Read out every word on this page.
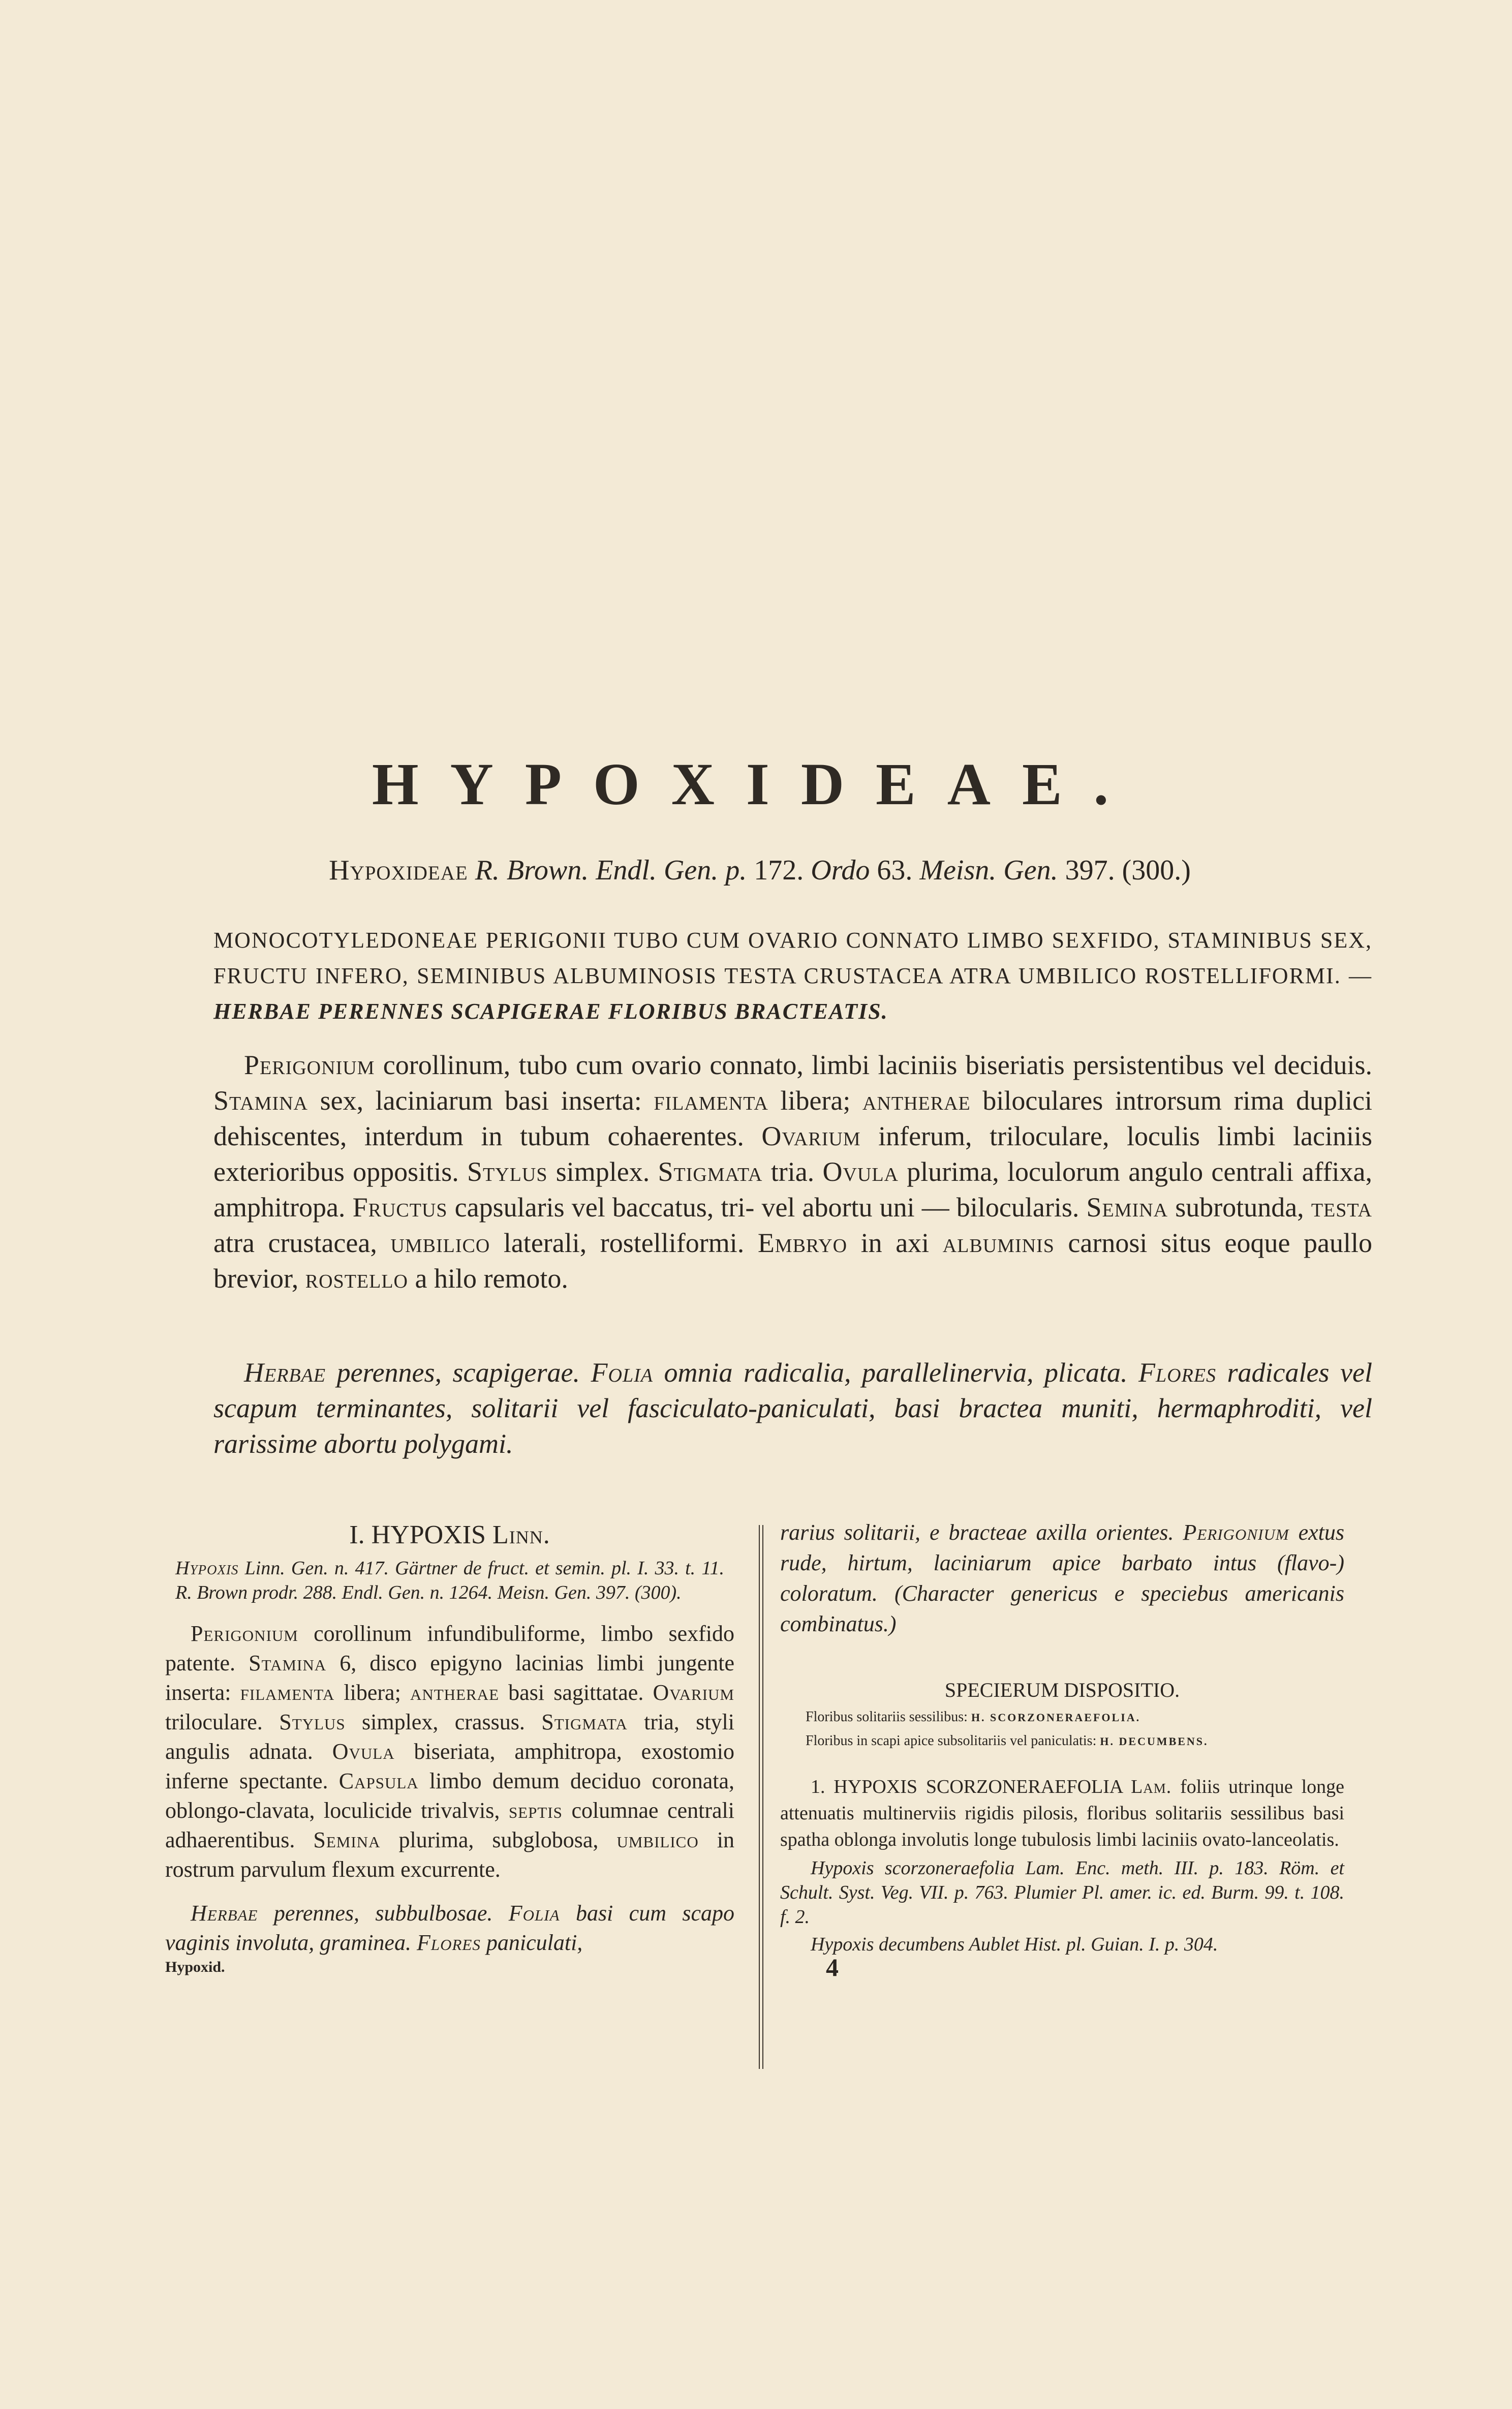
HYPOXIDEAE.
Hypoxideae R. Brown. Endl. Gen. p. 172. Ordo 63. Meisn. Gen. 397. (300.)
MONOCOTYLEDONEAE PERIGONII TUBO CUM OVARIO CONNATO LIMBO SEXFIDO, STAMINIBUS SEX, FRUCTU INFERO, SEMINIBUS ALBUMINOSIS TESTA CRUSTACEA ATRA UMBILICO ROSTELLIFORMI. — HERBAE PERENNES SCAPIGERAE FLORIBUS BRACTEATIS.
Perigonium corollinum, tubo cum ovario connato, limbi laciniis biseriatis persistentibus vel deciduis. Stamina sex, laciniarum basi inserta: filamenta libera; antherae biloculares introrsum rima duplici dehiscentes, interdum in tubum cohaerentes. Ovarium inferum, triloculare, loculis limbi laciniis exterioribus oppositis. Stylus simplex. Stigmata tria. Ovula plurima, loculorum angulo centrali affixa, amphitropa. Fructus capsularis vel baccatus, tri- vel abortu uni — bilocularis. Semina subrotunda, testa atra crustacea, umbilico laterali, rostelliformi. Embryo in axi albuminis carnosi situs eoque paullo brevior, rostello a hilo remoto.
Herbae perennes, scapigerae. Folia omnia radicalia, parallelinervia, plicata. Flores radicales vel scapum terminantes, solitarii vel fasciculato-paniculati, basi bractea muniti, hermaphroditi, vel rarissime abortu polygami.
I. HYPOXIS Linn.
Hypoxis Linn. Gen. n. 417. Gärtner de fruct. et semin. pl. I. 33. t. 11. R. Brown prodr. 288. Endl. Gen. n. 1264. Meisn. Gen. 397. (300).
Perigonium corollinum infundibuliforme, limbo sexfido patente. Stamina 6, disco epigyno lacinias limbi jungente inserta: filamenta libera; antherae basi sagittatae. Ovarium triloculare. Stylus simplex, crassus. Stigmata tria, styli angulis adnata. Ovula biseriata, amphitropa, exostomio inferne spectante. Capsula limbo demum deciduo coronata, oblongo-clavata, loculicide trivalvis, septis columnae centrali adhaerentibus. Semina plurima, subglobosa, umbilico in rostrum parvulum flexum excurrente.
Herbae perennes, subbulbosae. Folia basi cum scapo vaginis involuta, graminea. Flores paniculati,
Hypoxid.
rarius solitarii, e bracteae axilla orientes. Perigonium extus rude, hirtum, laciniarum apice barbato intus (flavo-) coloratum. (Character genericus e speciebus americanis combinatus.)
SPECIERUM DISPOSITIO.
Floribus solitariis sessilibus: H. SCORZONERAEFOLIA.
Floribus in scapi apice subsolitariis vel paniculatis: H. DECUMBENS.
1. HYPOXIS SCORZONERAEFOLIA Lam. foliis utrinque longe attenuatis multinerviis rigidis pilosis, floribus solitariis sessilibus basi spatha oblonga involutis longe tubulosis limbi laciniis ovato-lanceolatis.
Hypoxis scorzoneraefolia Lam. Enc. meth. III. p. 183. Röm. et Schult. Syst. Veg. VII. p. 763. Plumier Pl. amer. ic. ed. Burm. 99. t. 108. f. 2.
Hypoxis decumbens Aublet Hist. pl. Guian. I. p. 304.
4
